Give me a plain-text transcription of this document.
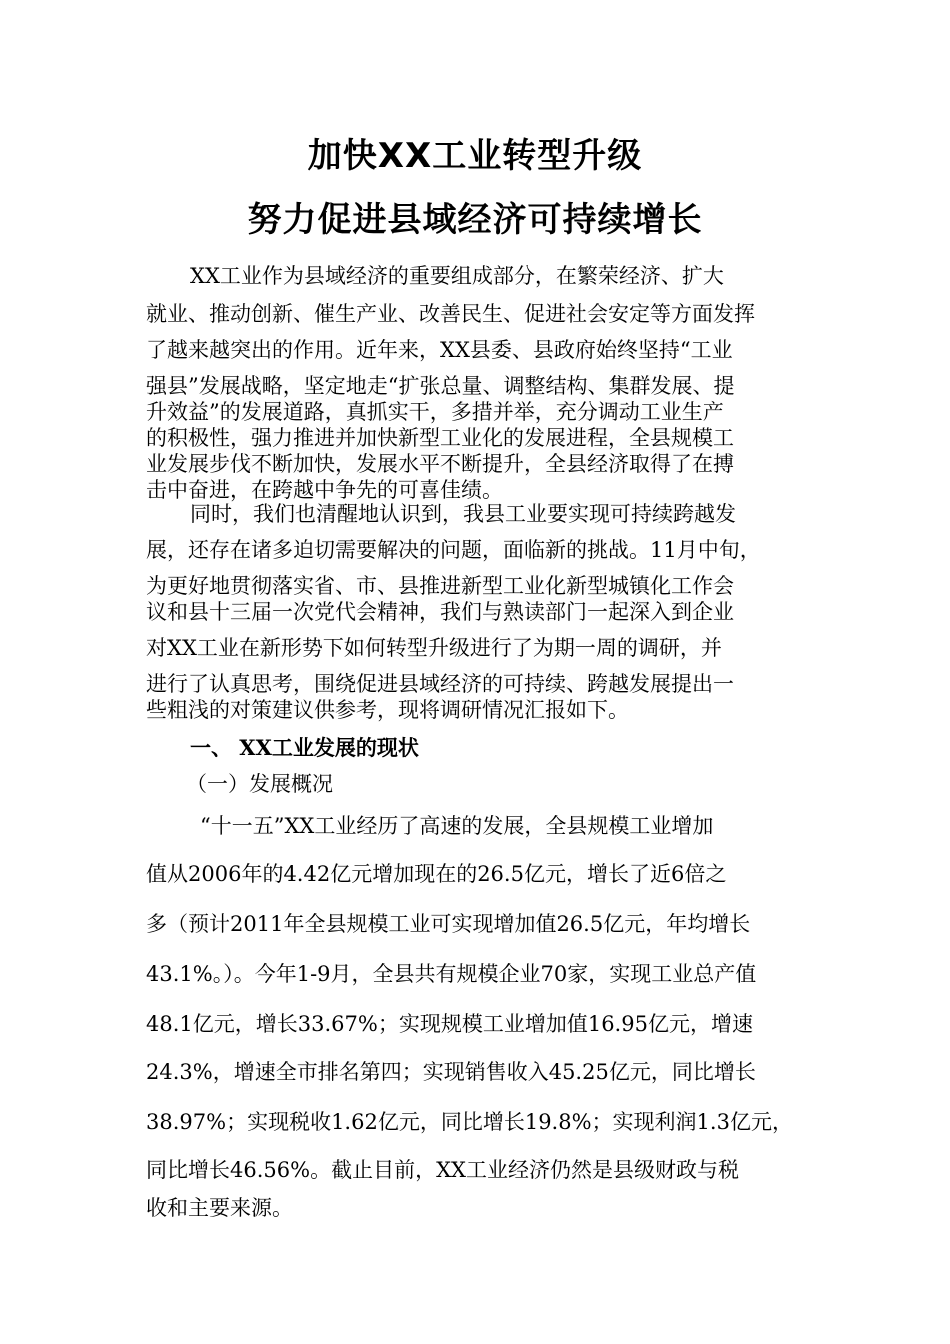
加快XX工业转型升级
努力促进县域经济可持续增长
XX工业作为县域经济的重要组成部分，在繁荣经济、扩大
就业、推动创新、催生产业、改善民生、促进社会安定等方面发挥
了越来越突出的作用。近年来，XX县委、县政府始终坚持“工业
强县”发展战略，坚定地走“扩张总量、调整结构、集群发展、提
升效益”的发展道路，真抓实干，多措并举，充分调动工业生产
的积极性，强力推进并加快新型工业化的发展进程，全县规模工
业发展步伐不断加快，发展水平不断提升，全县经济取得了在搏
击中奋进，在跨越中争先的可喜佳绩。
同时，我们也清醒地认识到，我县工业要实现可持续跨越发
展，还存在诸多迫切需要解决的问题，面临新的挑战。11月中旬，
为更好地贯彻落实省、市、县推进新型工业化新型城镇化工作会
议和县十三届一次党代会精神，我们与熟读部门一起深入到企业
对XX工业在新形势下如何转型升级进行了为期一周的调研，并
进行了认真思考，围绕促进县域经济的可持续、跨越发展提出一
些粗浅的对策建议供参考，现将调研情况汇报如下。
一、 XX工业发展的现状
（一）发展概况
“十一五”XX工业经历了高速的发展，全县规模工业增加
值从2006年的4.42亿元增加现在的26.5亿元，增长了近6倍之
多（预计2011年全县规模工业可实现增加值26.5亿元，年均增长
43.1%。）。今年1-9月，全县共有规模企业70家，实现工业总产值
48.1亿元，增长33.67%；实现规模工业增加值16.95亿元，增速
24.3%，增速全市排名第四；实现销售收入45.25亿元，同比增长
38.97%；实现税收1.62亿元，同比增长19.8%；实现利润1.3亿元，
同比增长46.56%。截止目前，XX工业经济仍然是县级财政与税
收和主要来源。
